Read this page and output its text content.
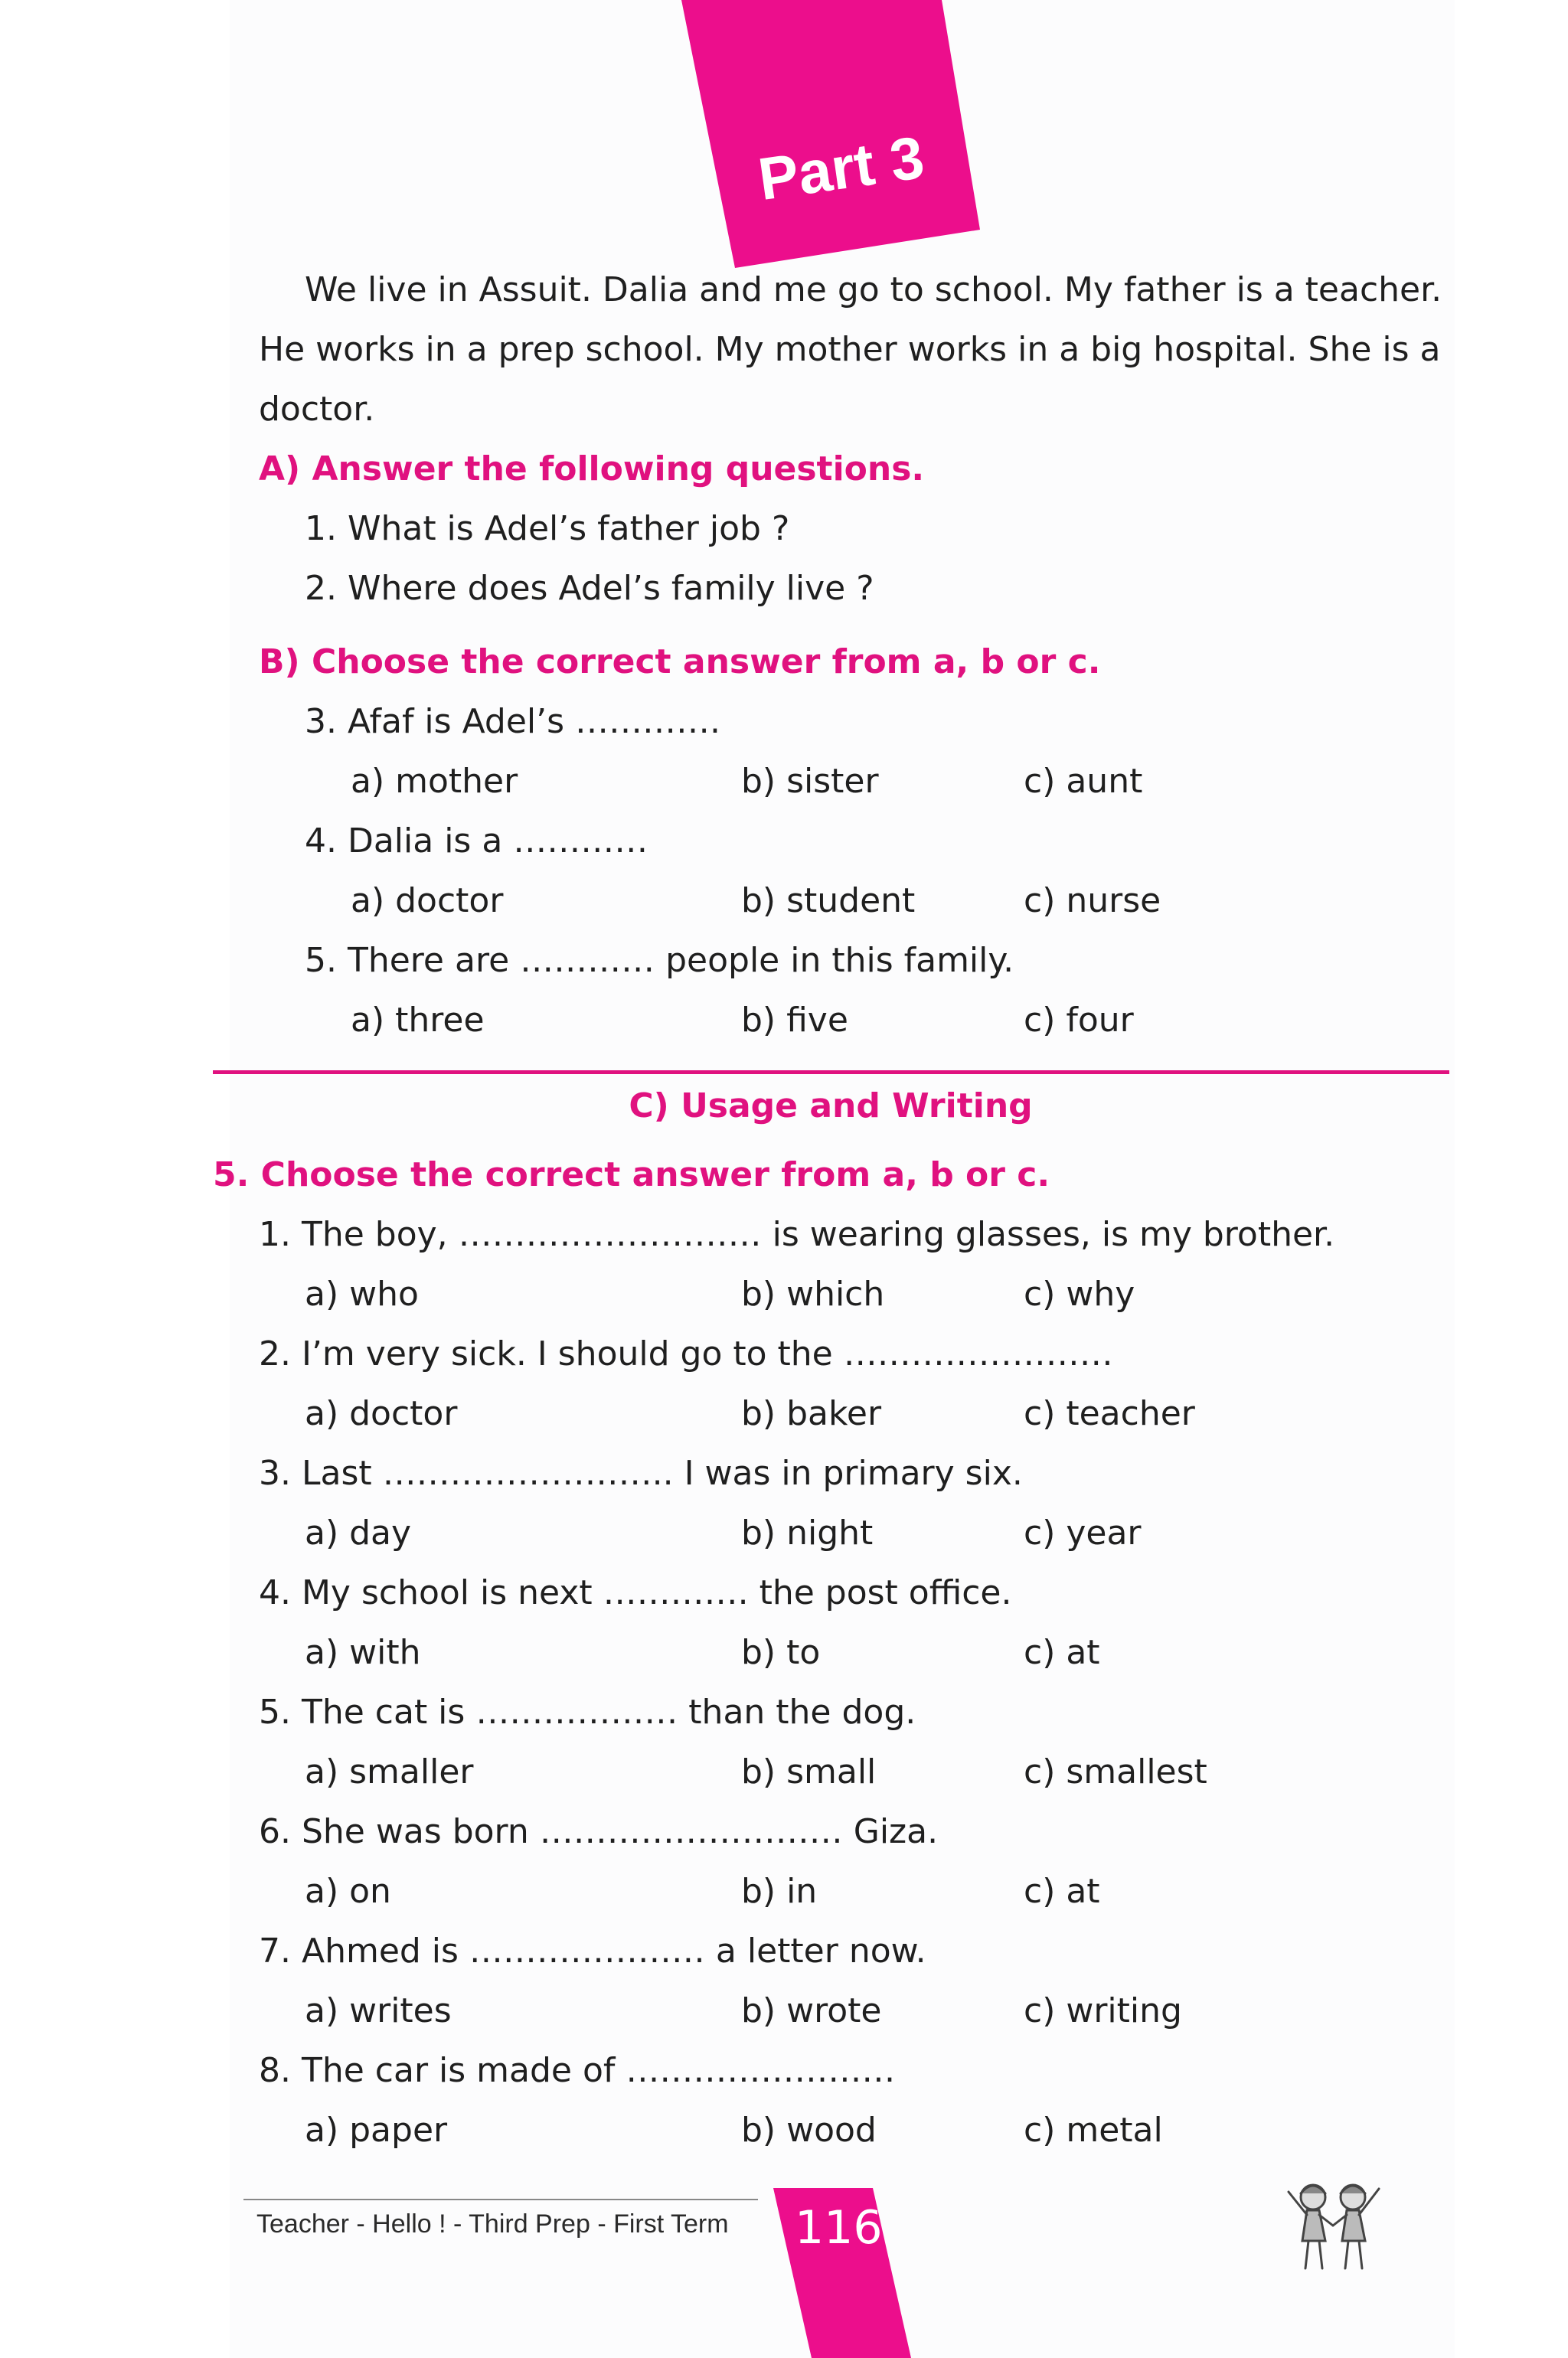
Part 3
We live in Assuit. Dalia and me go to school. My father is a teacher.
He works in a prep school. My mother works in a big hospital. She is a
doctor.
A) Answer the following questions.
1. What is Adel’s father job ?
2. Where does Adel’s family live ?
B) Choose the correct answer from a, b or c.
3. Afaf is Adel’s ………….
a) mother	b) sister	c) aunt
4. Dalia is a …………
a) doctor	b) student	c) nurse
5. There are ………… people in this family.
a) three	b) five	c) four
C) Usage and Writing
5. Choose the correct answer from a, b or c.
1. The boy, ……………………… is wearing glasses, is my brother.
a) who	b) which	c) why
2. I’m very sick. I should go to the ……………………
a) doctor	b) baker	c) teacher
3. Last …………………….. I was in primary six.
a) day	b) night	c) year
4. My school is next …………. the post office.
a) with	b) to	c) at
5. The cat is ……………… than the dog.
a) smaller	b) small	c) smallest
6. She was born ……………………… Giza.
a) on	b) in	c) at
7. Ahmed is ………………… a letter now.
a) writes	b) wrote	c) writing
8. The car is made of ……………………
a) paper	b) wood	c) metal
Teacher - Hello ! - Third Prep - First Term 116
